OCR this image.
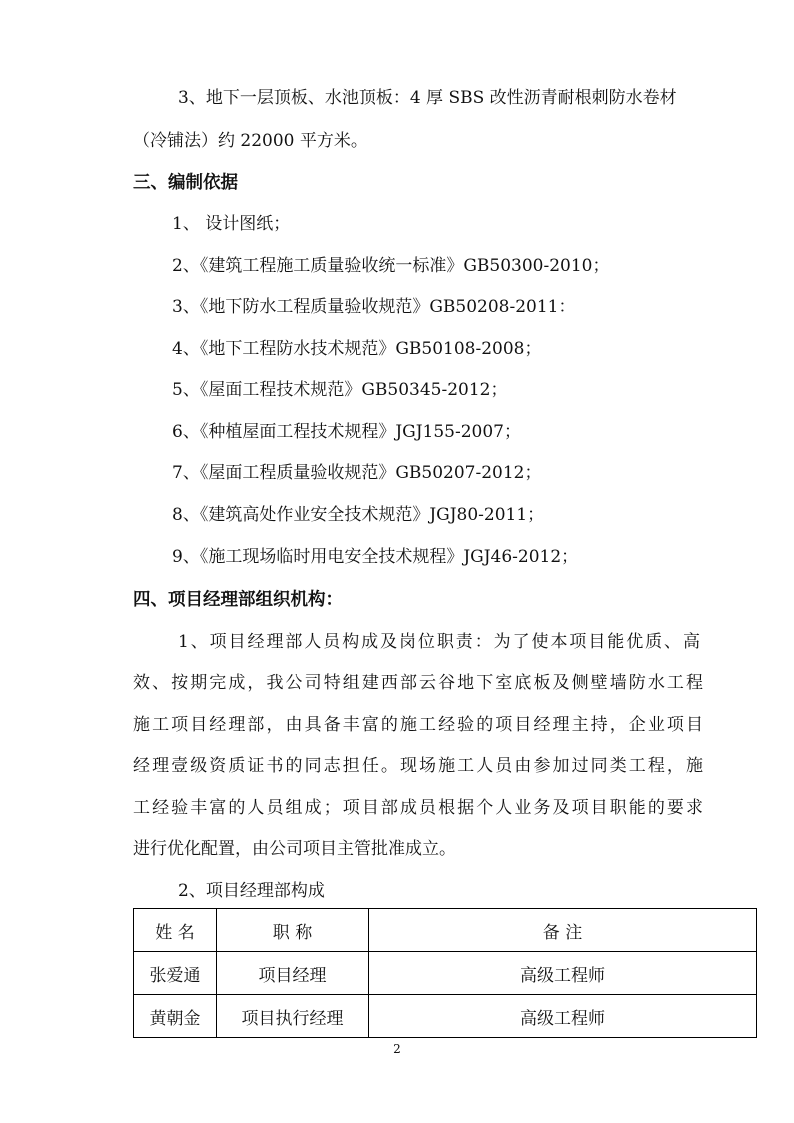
3、地下一层顶板、水池顶板：4 厚 SBS 改性沥青耐根刺防水卷材
（冷铺法）约 22000 平方米。
三、编制依据
1、 设计图纸；
2、《建筑工程施工质量验收统一标准》GB50300-2010；
3、《地下防水工程质量验收规范》GB50208-2011：
4、《地下工程防水技术规范》GB50108-2008；
5、《屋面工程技术规范》GB50345-2012；
6、《种植屋面工程技术规程》JGJ155-2007；
7、《屋面工程质量验收规范》GB50207-2012；
8、《建筑高处作业安全技术规范》JGJ80-2011；
9、《施工现场临时用电安全技术规程》JGJ46-2012；
四、项目经理部组织机构：
1、项目经理部人员构成及岗位职责：为了使本项目能优质、高
效、按期完成，我公司特组建西部云谷地下室底板及侧壁墙防水工程
施工项目经理部，由具备丰富的施工经验的项目经理主持，企业项目
经理壹级资质证书的同志担任。现场施工人员由参加过同类工程，施
工经验丰富的人员组成；项目部成员根据个人业务及项目职能的要求
进行优化配置，由公司项目主管批准成立。
2、项目经理部构成
姓 名	职 称	备 注
张爱通	项目经理	高级工程师
黄朝金	项目执行经理	高级工程师
2
